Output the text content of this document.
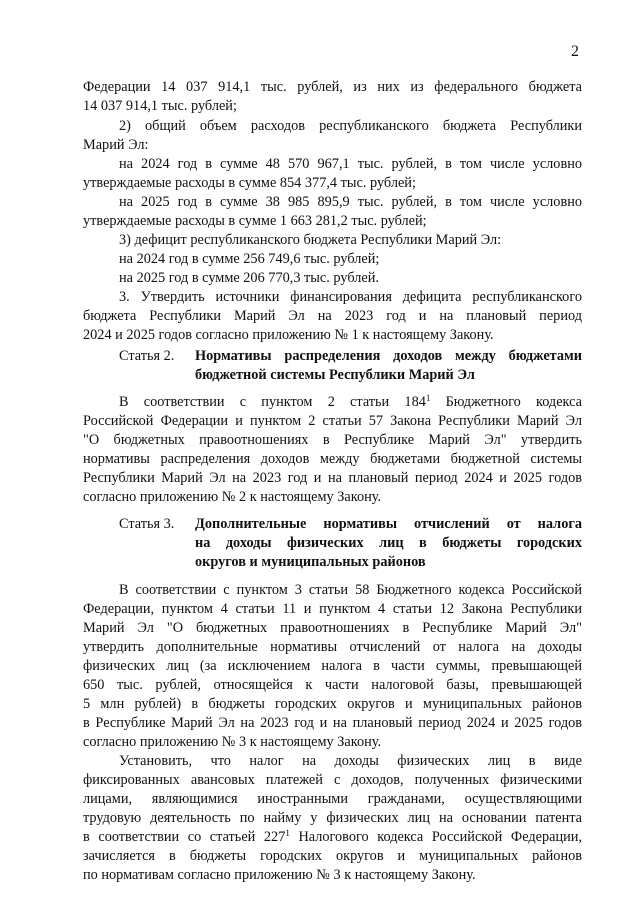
2
Федерации 14 037 914,1 тыс. рублей, из них из федерального бюджета
14 037 914,1 тыс. рублей;
2) общий объем расходов республиканского бюджета Республики
Марий Эл:
на 2024 год в сумме 48 570 967,1 тыс. рублей, в том числе условно
утверждаемые расходы в сумме 854 377,4 тыс. рублей;
на 2025 год в сумме 38 985 895,9 тыс. рублей, в том числе условно
утверждаемые расходы в сумме 1 663 281,2 тыс. рублей;
3) дефицит республиканского бюджета Республики Марий Эл:
на 2024 год в сумме 256 749,6 тыс. рублей;
на 2025 год в сумме 206 770,3 тыс. рублей.
3. Утвердить источники финансирования дефицита республиканского
бюджета Республики Марий Эл на 2023 год и на плановый период
2024 и 2025 годов согласно приложению № 1 к настоящему Закону.
Статья 2.	Нормативы распределения доходов между бюджетами
бюджетной системы Республики Марий Эл
В соответствии с пунктом 2 статьи $184^1$ Бюджетного кодекса
Российской Федерации и пунктом 2 статьи 57 Закона Республики Марий Эл
"О бюджетных правоотношениях в Республике Марий Эл" утвердить
нормативы распределения доходов между бюджетами бюджетной системы
Республики Марий Эл на 2023 год и на плановый период 2024 и 2025 годов
согласно приложению № 2 к настоящему Закону.
Статья 3.	Дополнительные нормативы отчислений от налога
на доходы физических лиц в бюджеты городских
округов и муниципальных районов
В соответствии с пунктом 3 статьи 58 Бюджетного кодекса Российской
Федерации, пунктом 4 статьи 11 и пунктом 4 статьи 12 Закона Республики
Марий Эл "О бюджетных правоотношениях в Республике Марий Эл"
утвердить дополнительные нормативы отчислений от налога на доходы
физических лиц (за исключением налога в части суммы, превышающей
650 тыс. рублей, относящейся к части налоговой базы, превышающей
5 млн рублей) в бюджеты городских округов и муниципальных районов
в Республике Марий Эл на 2023 год и на плановый период 2024 и 2025 годов
согласно приложению № 3 к настоящему Закону.
Установить, что налог на доходы физических лиц в виде
фиксированных авансовых платежей с доходов, полученных физическими
лицами, являющимися иностранными гражданами, осуществляющими
трудовую деятельность по найму у физических лиц на основании патента
в соответствии со статьей $227^1$ Налогового кодекса Российской Федерации,
зачисляется в бюджеты городских округов и муниципальных районов
по нормативам согласно приложению № 3 к настоящему Закону.
